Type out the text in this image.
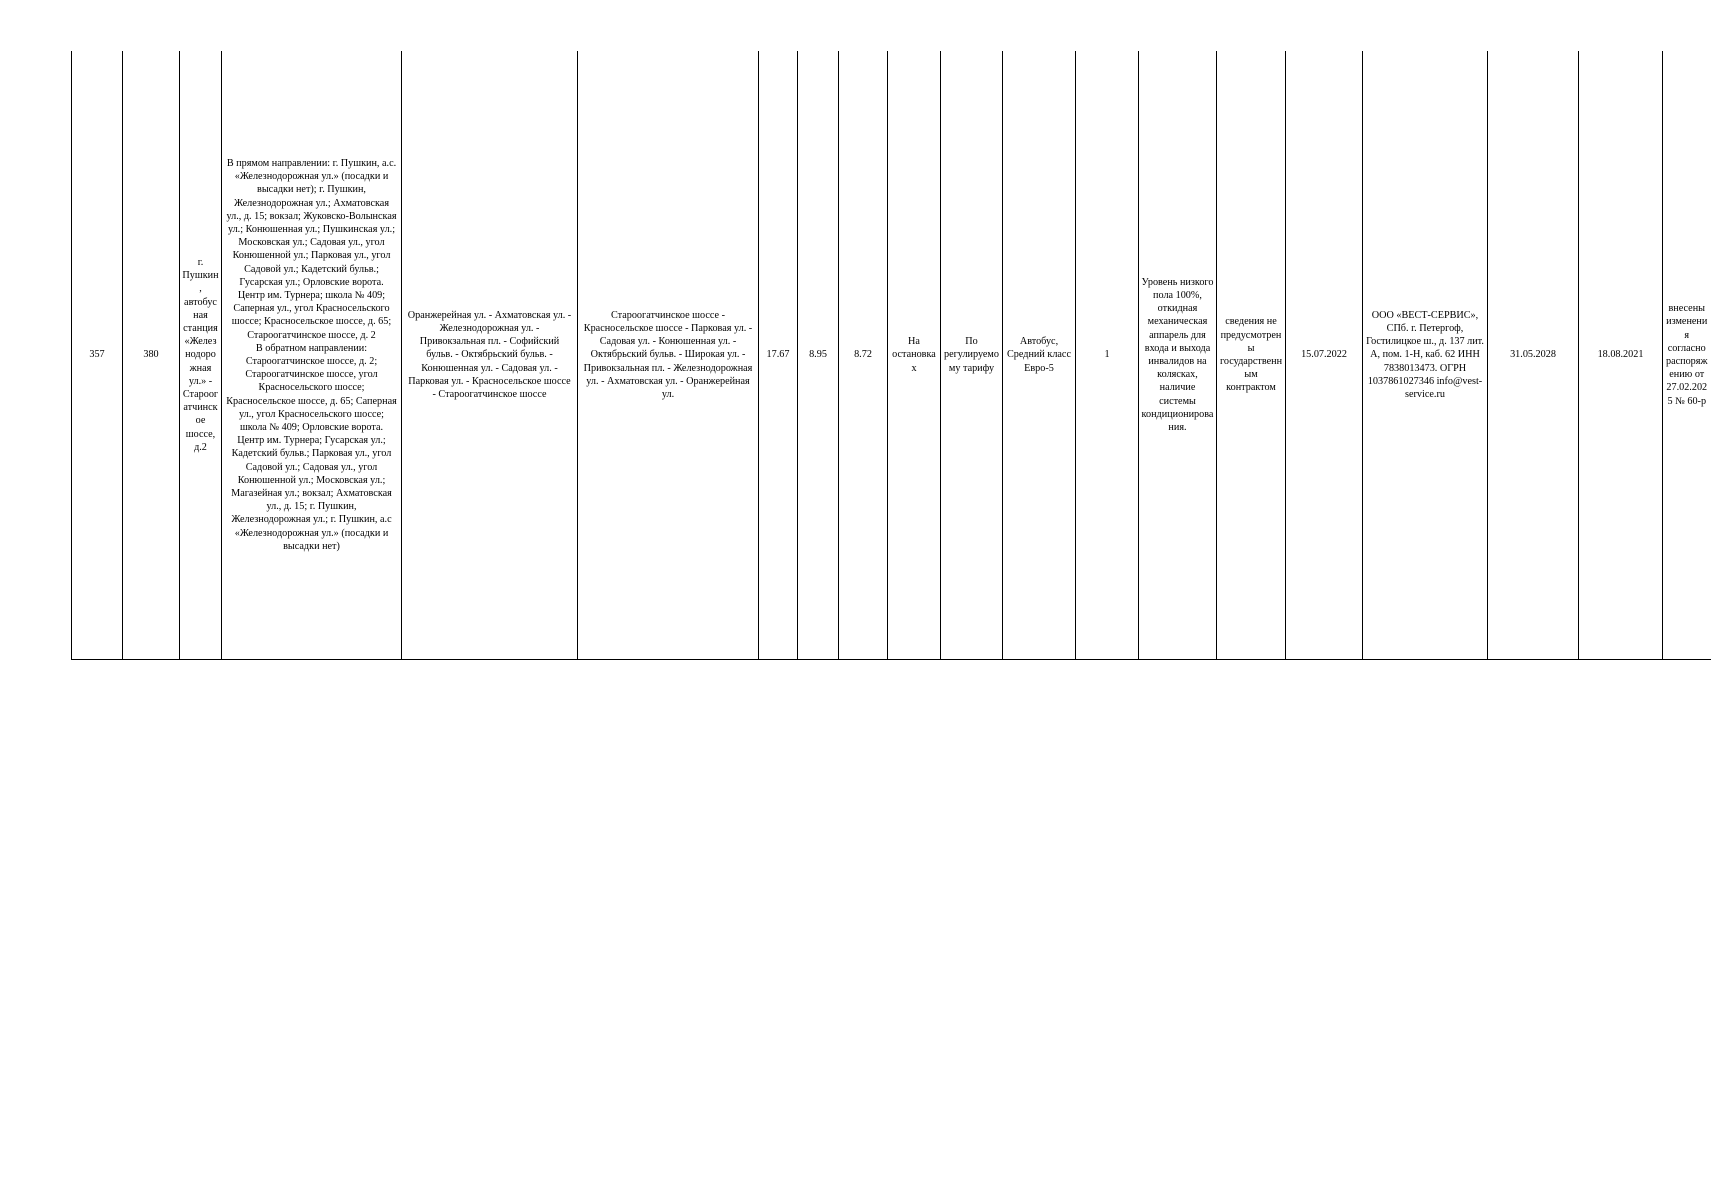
357	380	г. Пушкин, автобусная станция «Железнодорожная ул.» - Староогатчинское шоссе, д.2	В прямом направлении: г. Пушкин, а.с. «Железнодорожная ул.» (посадки и высадки нет); г. Пушкин, Железнодорожная ул.; Ахматовская ул., д. 15; вокзал; Жуковско-Волынская ул.; Конюшенная ул.; Пушкинская ул.; Московская ул.; Садовая ул., угол Конюшенной ул.; Парковая ул., угол Садовой ул.; Кадетский бульв.; Гусарская ул.; Орловские ворота. Центр им. Турнера; школа № 409; Саперная ул., угол Красносельского шоссе; Красносельское шоссе, д. 65; Староогатчинское шоссе, д. 2
В обратном направлении: Староогатчинское шоссе, д. 2; Староогатчинское шоссе, угол Красносельского шоссе; Красносельское шоссе, д. 65; Саперная ул., угол Красносельского шоссе; школа № 409; Орловские ворота. Центр им. Турнера; Гусарская ул.; Кадетский бульв.; Парковая ул., угол Садовой ул.; Садовая ул., угол Конюшенной ул.; Московская ул.; Магазейная ул.; вокзал; Ахматовская ул., д. 15; г. Пушкин, Железнодорожная ул.; г. Пушкин, а.с «Железнодорожная ул.» (посадки и высадки нет)	Оранжерейная ул. - Ахматовская ул. - Железнодорожная ул. - Привокзальная пл. - Софийский бульв. - Октябрьский бульв. - Конюшенная ул. - Садовая ул. - Парковая ул. - Красносельское шоссе - Староогатчинское шоссе	Староогатчинское шоссе - Красносельское шоссе - Парковая ул. - Садовая ул. - Конюшенная ул. - Октябрьский бульв. - Широкая ул. - Привокзальная пл. - Железнодорожная ул. - Ахматовская ул. - Оранжерейная ул.	17.67	8.95	8.72	На остановках	По регулируемому тарифу	Автобус, Средний класс Евро-5	1	Уровень низкого пола 100%, откидная механическая аппарель для входа и выхода инвалидов на колясках, наличие системы кондиционирования.	сведения не предусмотрены государственным контрактом	15.07.2022	ООО «ВЕСТ-СЕРВИС», СПб. г. Петергоф, Гостилицкое ш., д. 137 лит. А, пом. 1-Н, каб. 62 ИНН 7838013473. ОГРН 1037861027346 info@vest-service.ru	31.05.2028	18.08.2021	внесены изменения согласно распоряжению от 27.02.2025 № 60-р
